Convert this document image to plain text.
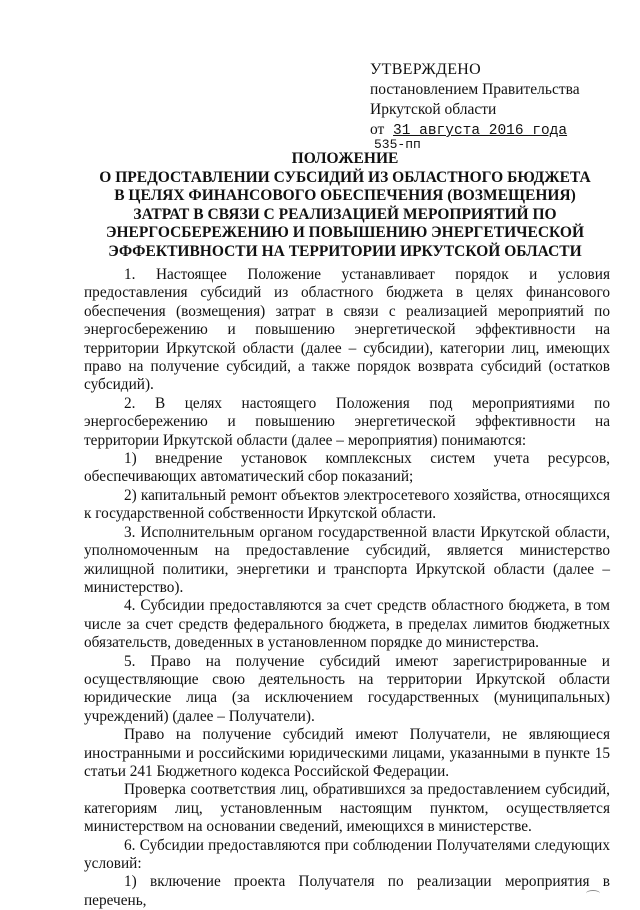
УТВЕРЖДЕНО
постановлением Правительства
Иркутской области
от 31 августа 2016 года
535-пп
ПОЛОЖЕНИЕ
О ПРЕДОСТАВЛЕНИИ СУБСИДИЙ ИЗ ОБЛАСТНОГО БЮДЖЕТА
В ЦЕЛЯХ ФИНАНСОВОГО ОБЕСПЕЧЕНИЯ (ВОЗМЕЩЕНИЯ)
ЗАТРАТ В СВЯЗИ С РЕАЛИЗАЦИЕЙ МЕРОПРИЯТИЙ ПО
ЭНЕРГОСБЕРЕЖЕНИЮ И ПОВЫШЕНИЮ ЭНЕРГЕТИЧЕСКОЙ
ЭФФЕКТИВНОСТИ НА ТЕРРИТОРИИ ИРКУТСКОЙ ОБЛАСТИ

1. Настоящее Положение устанавливает порядок и условия предоставления субсидий из областного бюджета в целях финансового обеспечения (возмещения) затрат в связи с реализацией мероприятий по энергосбережению и повышению энергетической эффективности на территории Иркутской области (далее – субсидии), категории лиц, имеющих право на получение субсидий, а также порядок возврата субсидий (остатков субсидий).

2. В целях настоящего Положения под мероприятиями по энергосбережению и повышению энергетической эффективности на территории Иркутской области (далее – мероприятия) понимаются:

1) внедрение установок комплексных систем учета ресурсов, обеспечивающих автоматический сбор показаний;

2) капитальный ремонт объектов электросетевого хозяйства, относящихся к государственной собственности Иркутской области.

3. Исполнительным органом государственной власти Иркутской области, уполномоченным на предоставление субсидий, является министерство жилищной политики, энергетики и транспорта Иркутской области (далее – министерство).

4. Субсидии предоставляются за счет средств областного бюджета, в том числе за счет средств федерального бюджета, в пределах лимитов бюджетных обязательств, доведенных в установленном порядке до министерства.

5. Право на получение субсидий имеют зарегистрированные и осуществляющие свою деятельность на территории Иркутской области юридические лица (за исключением государственных (муниципальных) учреждений) (далее – Получатели).

Право на получение субсидий имеют Получатели, не являющиеся иностранными и российскими юридическими лицами, указанными в пункте 15 статьи 241 Бюджетного кодекса Российской Федерации.

Проверка соответствия лиц, обратившихся за предоставлением субсидий, категориям лиц, установленным настоящим пунктом, осуществляется министерством на основании сведений, имеющихся в министерстве.

6. Субсидии предоставляются при соблюдении Получателями следующих условий:

1) включение проекта Получателя по реализации мероприятия в перечень,
